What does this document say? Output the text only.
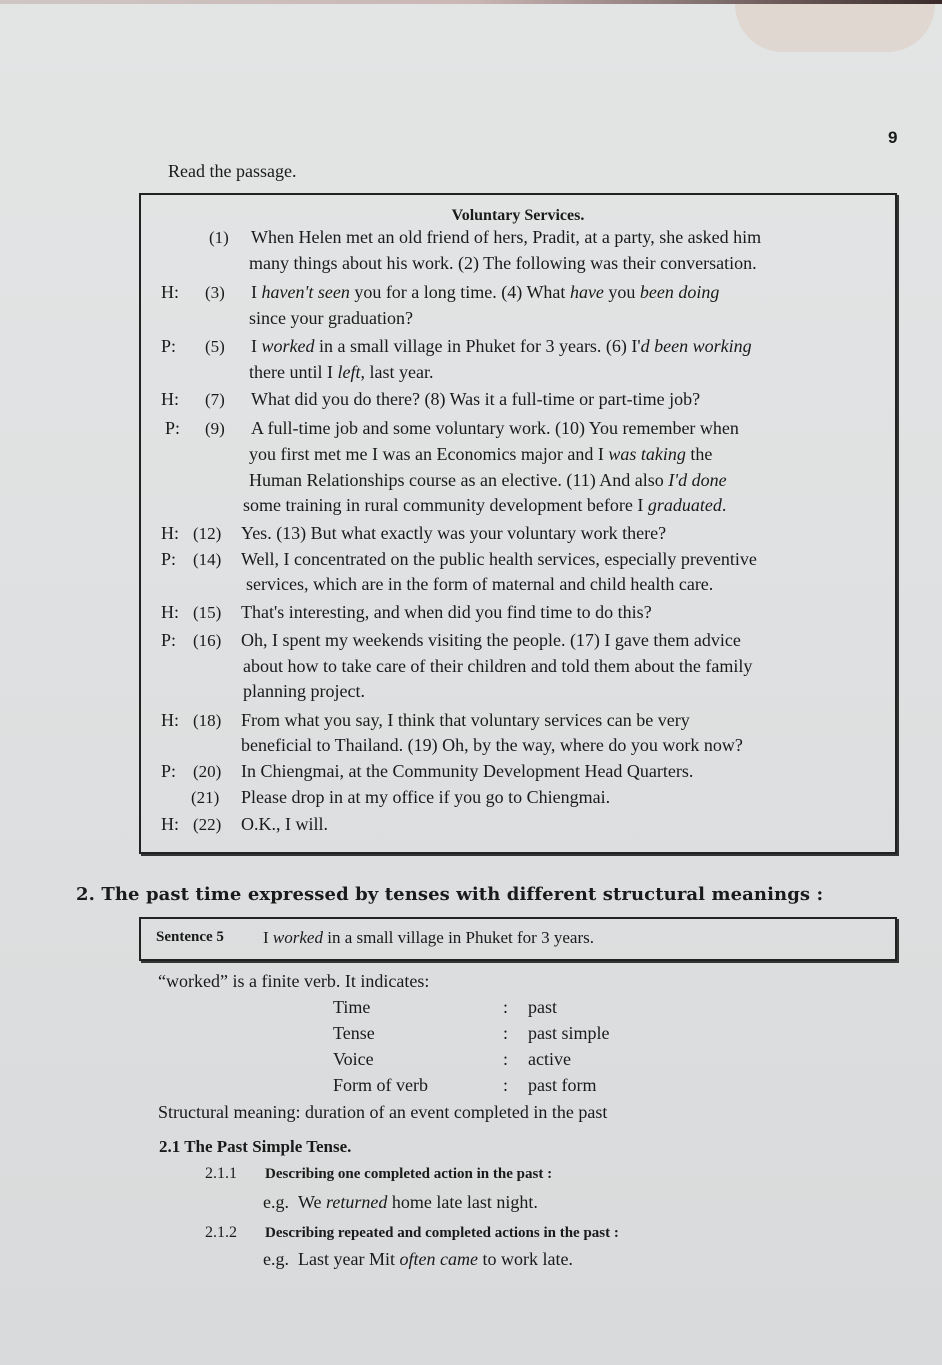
9
Read the passage.
Voluntary Services.
(1) When Helen met an old friend of hers, Pradit, at a party, she asked him
many things about his work. (2) The following was their conversation.
H: (3) I haven't seen you for a long time. (4) What have you been doing
since your graduation?
P: (5) I worked in a small village in Phuket for 3 years. (6) I'd been working
there until I left, last year.
H: (7) What did you do there? (8) Was it a full-time or part-time job?
P: (9) A full-time job and some voluntary work. (10) You remember when
you first met me I was an Economics major and I was taking the
Human Relationships course as an elective. (11) And also I'd done
some training in rural community development before I graduated.
H: (12) Yes. (13) But what exactly was your voluntary work there?
P: (14) Well, I concentrated on the public health services, especially preventive
services, which are in the form of maternal and child health care.
H: (15) That's interesting, and when did you find time to do this?
P: (16) Oh, I spent my weekends visiting the people. (17) I gave them advice
about how to take care of their children and told them about the family
planning project.
H: (18) From what you say, I think that voluntary services can be very
beneficial to Thailand. (19) Oh, by the way, where do you work now?
P: (20) In Chiengmai, at the Community Development Head Quarters.
(21) Please drop in at my office if you go to Chiengmai.
H: (22) O.K., I will.
2. The past time expressed by tenses with different structural meanings :
Sentence 5 I worked in a small village in Phuket for 3 years.
“worked” is a finite verb. It indicates:
Time	: past
Tense	: past simple
Voice	: active
Form of verb	: past form
Structural meaning: duration of an event completed in the past
2.1 The Past Simple Tense.
2.1.1 Describing one completed action in the past :
e.g. We returned home late last night.
2.1.2 Describing repeated and completed actions in the past :
e.g. Last year Mit often came to work late.
